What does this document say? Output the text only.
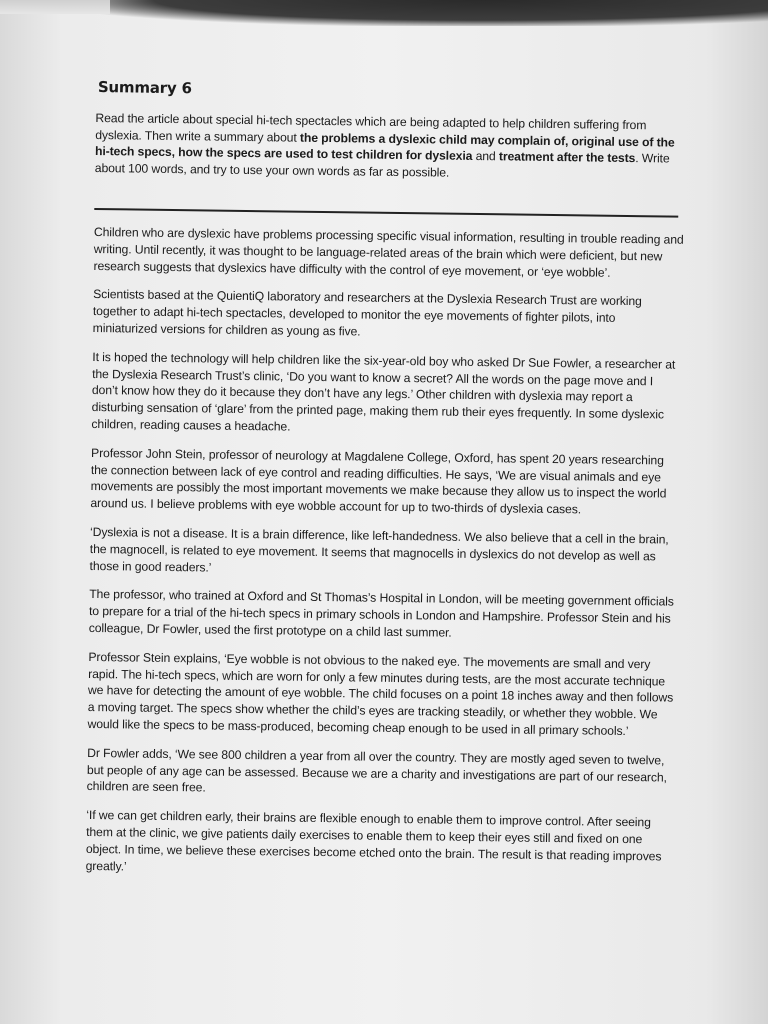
Summary 6

Read the article about special hi-tech spectacles which are being adapted to help children suffering from dyslexia. Then write a summary about the problems a dyslexic child may complain of, original use of the hi-tech specs, how the specs are used to test children for dyslexia and treatment after the tests. Write about 100 words, and try to use your own words as far as possible.

Children who are dyslexic have problems processing specific visual information, resulting in trouble reading and writing. Until recently, it was thought to be language-related areas of the brain which were deficient, but new research suggests that dyslexics have difficulty with the control of eye movement, or ‘eye wobble’.

Scientists based at the QuientiQ laboratory and researchers at the Dyslexia Research Trust are working together to adapt hi-tech spectacles, developed to monitor the eye movements of fighter pilots, into miniaturized versions for children as young as five.

It is hoped the technology will help children like the six-year-old boy who asked Dr Sue Fowler, a researcher at the Dyslexia Research Trust’s clinic, ‘Do you want to know a secret? All the words on the page move and I don’t know how they do it because they don’t have any legs.’ Other children with dyslexia may report a disturbing sensation of ‘glare’ from the printed page, making them rub their eyes frequently. In some dyslexic children, reading causes a headache.

Professor John Stein, professor of neurology at Magdalene College, Oxford, has spent 20 years researching the connection between lack of eye control and reading difficulties. He says, ‘We are visual animals and eye movements are possibly the most important movements we make because they allow us to inspect the world around us. I believe problems with eye wobble account for up to two-thirds of dyslexia cases.

‘Dyslexia is not a disease. It is a brain difference, like left-handedness. We also believe that a cell in the brain, the magnocell, is related to eye movement. It seems that magnocells in dyslexics do not develop as well as those in good readers.’

The professor, who trained at Oxford and St Thomas’s Hospital in London, will be meeting government officials to prepare for a trial of the hi-tech specs in primary schools in London and Hampshire. Professor Stein and his colleague, Dr Fowler, used the first prototype on a child last summer.

Professor Stein explains, ‘Eye wobble is not obvious to the naked eye. The movements are small and very rapid. The hi-tech specs, which are worn for only a few minutes during tests, are the most accurate technique we have for detecting the amount of eye wobble. The child focuses on a point 18 inches away and then follows a moving target. The specs show whether the child’s eyes are tracking steadily, or whether they wobble. We would like the specs to be mass-produced, becoming cheap enough to be used in all primary schools.’

Dr Fowler adds, ‘We see 800 children a year from all over the country. They are mostly aged seven to twelve, but people of any age can be assessed. Because we are a charity and investigations are part of our research, children are seen free.

‘If we can get children early, their brains are flexible enough to enable them to improve control. After seeing them at the clinic, we give patients daily exercises to enable them to keep their eyes still and fixed on one object. In time, we believe these exercises become etched onto the brain. The result is that reading improves greatly.’
